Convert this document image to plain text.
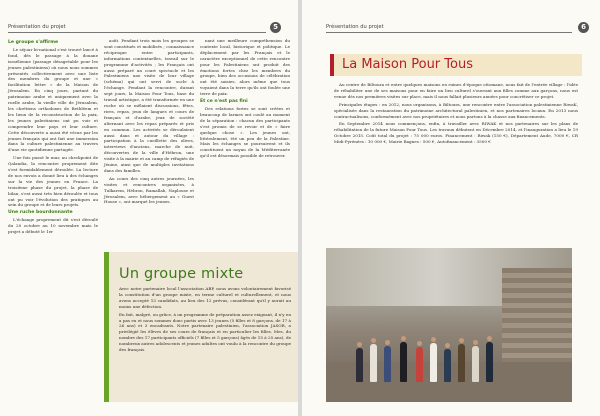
Présentation du projet	5
Le groupe s'affirme

Le séjour bi-national s'est trouvé lancé à fond, dès le passage à la douane israélienne (passage désagréable pour les jeunes palestiniens) où nous nous sommes présentés collectivement avec une liste des membres du groupe et une « facilitation lettre » de la Maison de Jérusalem. En cinq jours, partant du patrimoine arabe et uniquement avec la ruelle arabe, la vieille ville de Jérusalem, les chrétiens orthodoxes de Bethléem et les lieux de la reconstruction de la paix, les jeunes palestiniens ont pu voir et comprendre leur pays et leur culture. Cette découverte a aussi été vécue par les jeunes français qui ont fait une immersion dans la culture palestinienne au travers d'une vie quotidienne partagée.

Une fois passé le mur, au checkpoint de Qalandia, la rencontre proprement dite s'est formidablement déroulée. La lecture de nos envois a donné lieu à des échanges sur la vie des jeunes en France. La troisième phase du projet, la phase de bilan, s'est aussi très bien déroulée et tous ont pu voir l'évolution des pratiques au sein du groupe et de leurs projets.

Une ruche bourdonnante

L'échange proprement dit s'est déroulé du 20 octobre au 10 novembre mais le projet a débuté le 1er

août. Pendant trois mois les groupes se sont constitués et mobilisés ; connaissance réciproque entre participants, informations contextuelles, travail sur le programme d'activités ; les Français ont aussi préparé un court spectacle et les Palestiniens une visite de leur village (schéma) qui ont servi de socle à l'échange. Pendant la rencontre, durant sept jours, la Maison Pour Tous, base du travail artistique, a été transformée en une ruche où se mêlaient discussions, fêtes, rires, repas, jeux de langues et cours de français et d'arabe, jeux de société alternant avec les repas préparés et pris en commun. Les activités se déroulaient aussi dans et autour du village : participation à la cueillette des olives, interviews d'anciens, marche de nuit, découvertes de la ville d'Hébron, une visite à la mairie et au camp de réfugiés de Jénine, ainsi que de multiples invitations dans des familles.

Au cours des cinq autres journées, les visites et rencontres organisées, à Tulkarem, Hébron, Ramallah, Naplouse et Jérusalem, avec hébergement au « Guest House », ont marqué les jeunes.

nant une meilleure compréhension du contexte local, historique et politique. Le déplacement par les Français et le caractère exceptionnel de cette rencontre pour les Palestiniens ont produit des émotions fortes chez les membres du groupe, bien des occasions de célébration ont été saisies, alors même que tous voyaient dans la terre qu'ils ont foulée une terre de paix.

Et ce n'est pas fini

Des relations fortes se sont créées et beaucoup de larmes ont coulé au moment de la séparation : chacun des participants s'est promis de se revoir et de « faire quelque chose ». Les jeunes ont, littéralement, été un peu de la Palestine. Mais les échanges se poursuivent et ils constituent un noyau de la Méditerranée qu'il est désormais possible de retrouver.

Un groupe mixte

Avec notre partenaire local l'association ABP, nous avons volontairement favorisé la constitution d'un groupe mixte, en terme culturel et culturellement, et nous avons accepté 13 candidats, au lieu des 12 prévus, considérant qu'il y aurait au moins une défection.

En fait, malgré, ou grâce, à un programme de préparation assez exigeant, il n'y en a pas eu et nous sommes donc partis avec 13 jeunes (5 filles et 8 garçons, de 17 à 26 ans) et 3 encadrants. Notre partenaire palestinien, l'association JASOR, a privilégié les élèves de ses cours de français et en particulier les filles. Mes, du nombre des 17 participants officiels (7 filles et 5 garçons) âgés de 15 à 25 ans), de nombreux autres adolescents et jeunes adultes ont voulu à la rencontre du groupe des français.

Présentation du projet	6
La Maison Pour Tous

Au centre de Biltoura et entre quelques maisons en ruines d'époque ottomane, nous fait de l'entrée village : l'idée de réhabiliter une de ses maisons pour en faire un lieu culturel s'ouvrant aux filles comme aux garçons, nous est venue dès nos premières visites sur place, mais il nous fallait plusieurs années pour concrétiser ce projet.

Principales étapes : en 2012, nous organisons, à Biltoura, une rencontre entre l'association palestinienne RiwaK, spécialisée dans la restauration du patrimoine architectural palestinien, et nos partenaires locaux. En 2013 nous contractualisons, conformément avec nos propriétaires et nous partons à la chasse aux financements.

En Septembre 2014 nous commençons, enfin, à travailler avec RIWAK et nos partenaires sur les plans de réhabilitation de la future Maison Pour Tous. Les travaux débutent en Décembre 2014, et l'inauguration a lieu le 19 Octobre 2015. Coût total du projet : 75 000 euros. Financement : Riwak (150 €), Département Aude, 7000 €, CR Midi-Pyrénées : 10 000 €, Mairie Bagnes : 500 €, Autofinancement : 3500 €
